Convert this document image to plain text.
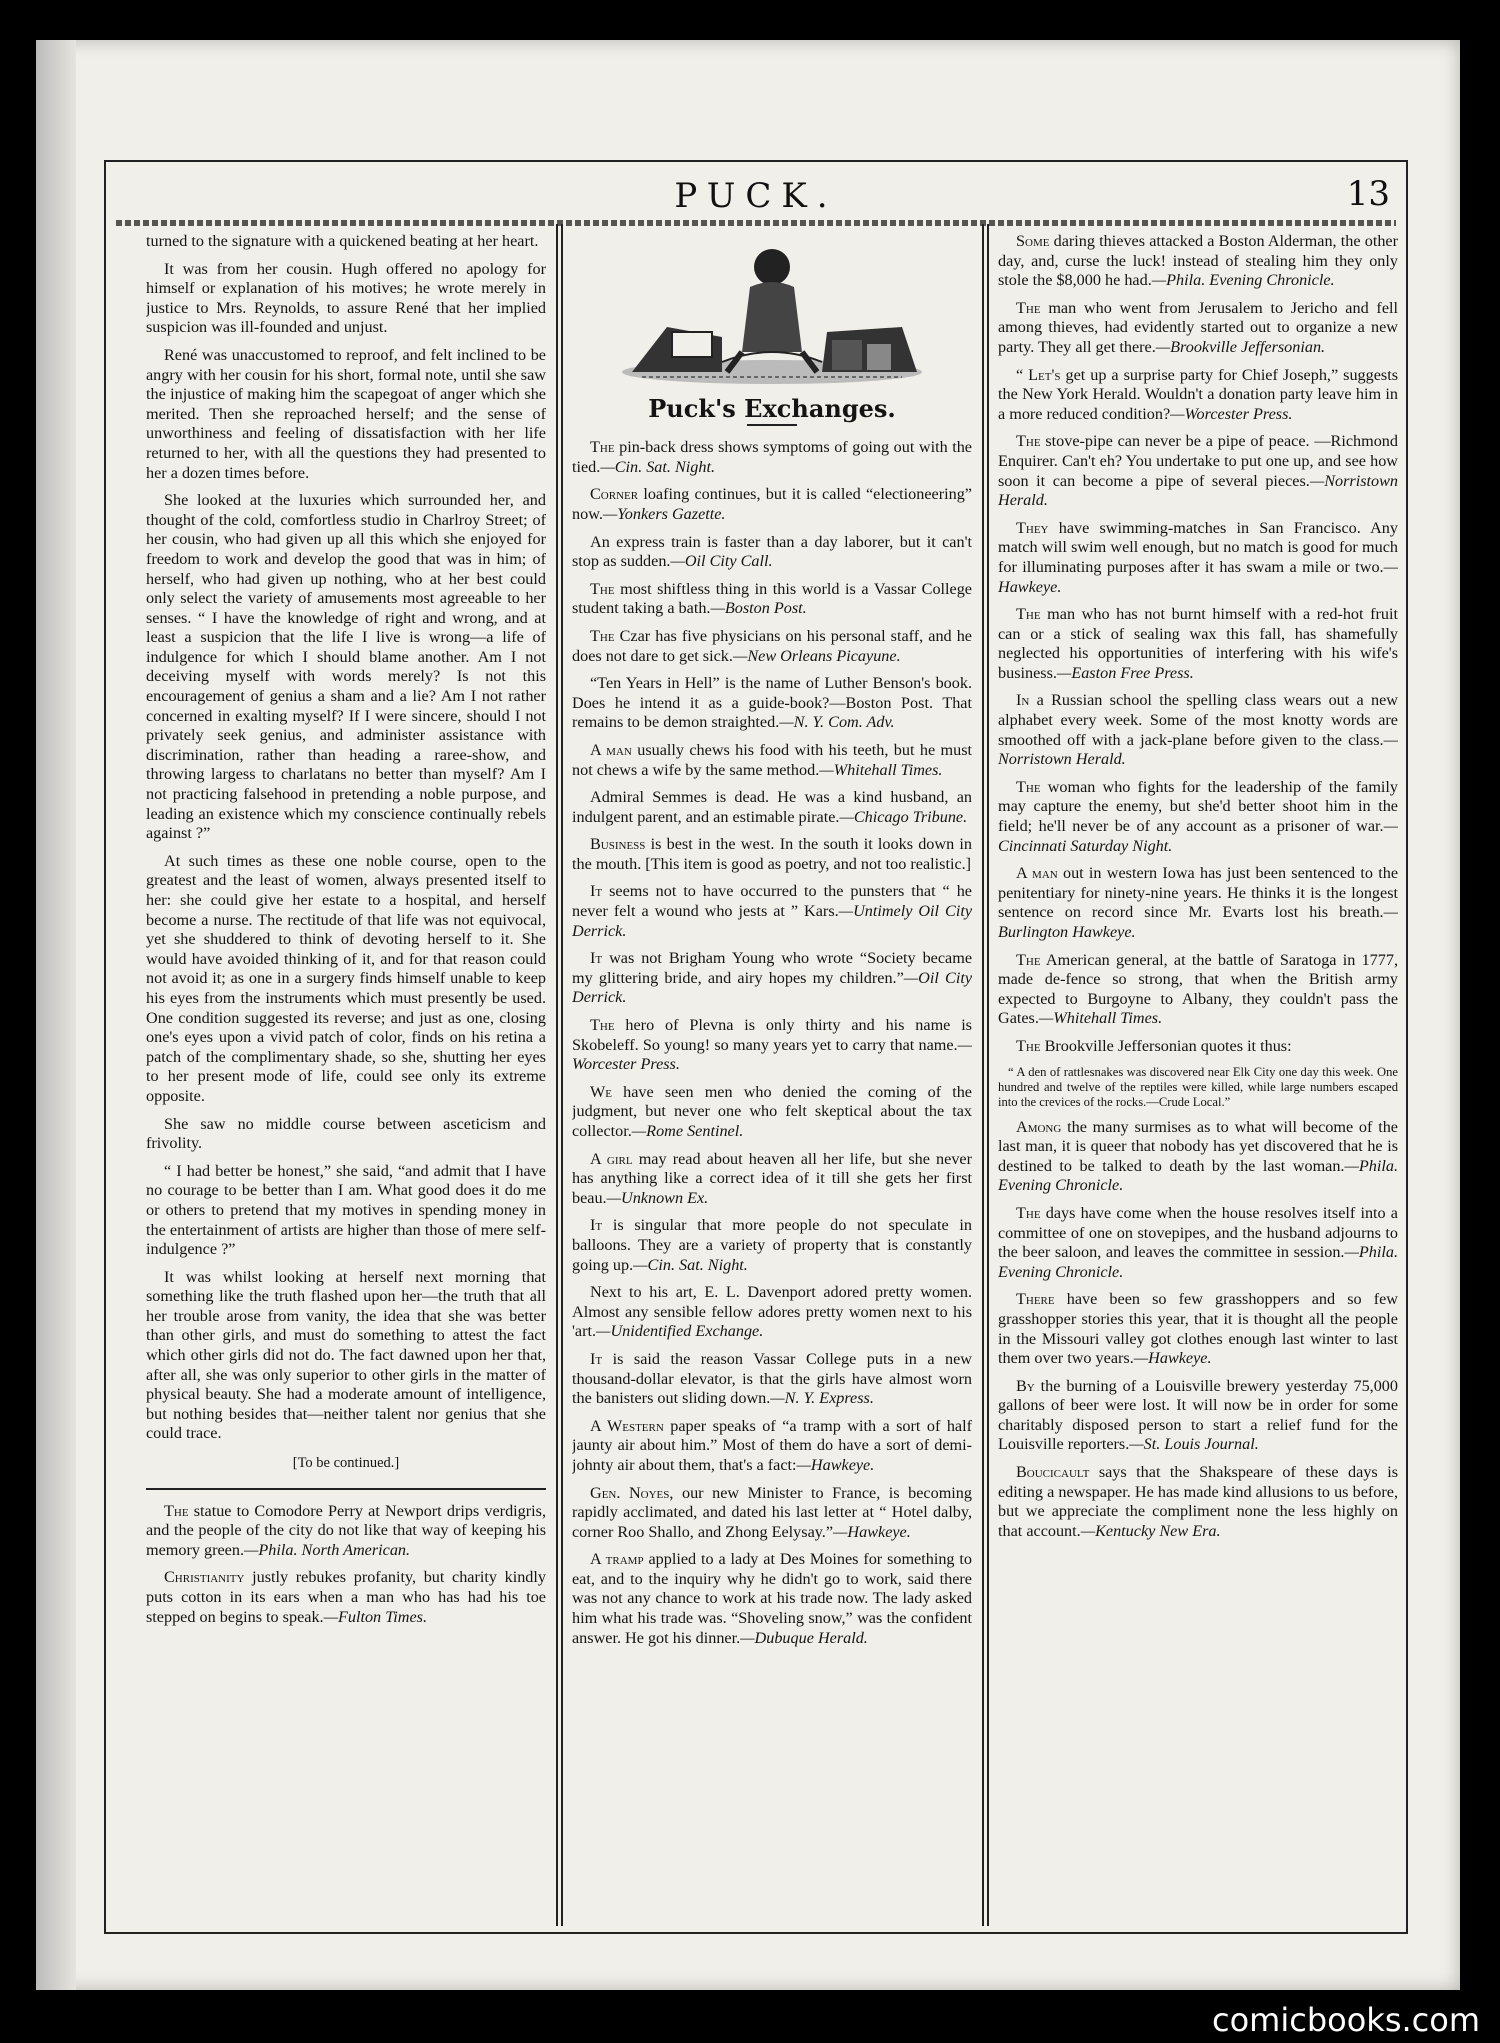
PUCK.	13

turned to the signature with a quickened beating at her heart.

It was from her cousin. Hugh offered no apology for himself or explanation of his motives; he wrote merely in justice to Mrs. Reynolds, to assure René that her implied suspicion was ill-founded and unjust.

René was unaccustomed to reproof, and felt inclined to be angry with her cousin for his short, formal note, until she saw the injustice of making him the scapegoat of anger which she merited. Then she reproached herself; and the sense of unworthiness and feeling of dissatisfaction with her life returned to her, with all the questions they had presented to her a dozen times before.

She looked at the luxuries which surrounded her, and thought of the cold, comfortless studio in Charlroy Street; of her cousin, who had given up all this which she enjoyed for freedom to work and develop the good that was in him; of herself, who had given up nothing, who at her best could only select the variety of amusements most agreeable to her senses. “ I have the knowledge of right and wrong, and at least a suspicion that the life I live is wrong—a life of indulgence for which I should blame another. Am I not deceiving myself with words merely? Is not this encouragement of genius a sham and a lie? Am I not rather concerned in exalting myself? If I were sincere, should I not privately seek genius, and administer assistance with discrimination, rather than heading a raree-show, and throwing largess to charlatans no better than myself? Am I not practicing falsehood in pretending a noble purpose, and leading an existence which my conscience continually rebels against ?”

At such times as these one noble course, open to the greatest and the least of women, always presented itself to her: she could give her estate to a hospital, and herself become a nurse. The rectitude of that life was not equivocal, yet she shuddered to think of devoting herself to it. She would have avoided thinking of it, and for that reason could not avoid it; as one in a surgery finds himself unable to keep his eyes from the instruments which must presently be used. One condition suggested its reverse; and just as one, closing one's eyes upon a vivid patch of color, finds on his retina a patch of the complimentary shade, so she, shutting her eyes to her present mode of life, could see only its extreme opposite.

She saw no middle course between asceticism and frivolity.

“ I had better be honest,” she said, “and admit that I have no courage to be better than I am. What good does it do me or others to pretend that my motives in spending money in the entertainment of artists are higher than those of mere self-indulgence ?”

It was whilst looking at herself next morning that something like the truth flashed upon her—the truth that all her trouble arose from vanity, the idea that she was better than other girls, and must do something to attest the fact which other girls did not do. The fact dawned upon her that, after all, she was only superior to other girls in the matter of physical beauty. She had a moderate amount of intelligence, but nothing besides that—neither talent nor genius that she could trace.

[To be continued.]

The statue to Comodore Perry at Newport drips verdigris, and the people of the city do not like that way of keeping his memory green.—Phila. North American.

Christianity justly rebukes profanity, but charity kindly puts cotton in its ears when a man who has had his toe stepped on begins to speak.—Fulton Times.

Puck's Exchanges.

The pin-back dress shows symptoms of going out with the tied.—Cin. Sat. Night.

Corner loafing continues, but it is called “electioneering” now.—Yonkers Gazette.

An express train is faster than a day laborer, but it can't stop as sudden.—Oil City Call.

The most shiftless thing in this world is a Vassar College student taking a bath.—Boston Post.

The Czar has five physicians on his personal staff, and he does not dare to get sick.—New Orleans Picayune.

“Ten Years in Hell” is the name of Luther Benson's book. Does he intend it as a guide-book?—Boston Post. That remains to be demon straighted.—N. Y. Com. Adv.

A man usually chews his food with his teeth, but he must not chews a wife by the same method.—Whitehall Times.

Admiral Semmes is dead. He was a kind husband, an indulgent parent, and an estimable pirate.—Chicago Tribune.

Business is best in the west. In the south it looks down in the mouth. [This item is good as poetry, and not too realistic.]

It seems not to have occurred to the punsters that “ he never felt a wound who jests at ” Kars.—Untimely Oil City Derrick.

It was not Brigham Young who wrote “Society became my glittering bride, and airy hopes my children.”—Oil City Derrick.

The hero of Plevna is only thirty and his name is Skobeleff. So young! so many years yet to carry that name.—Worcester Press.

We have seen men who denied the coming of the judgment, but never one who felt skeptical about the tax collector.—Rome Sentinel.

A girl may read about heaven all her life, but she never has anything like a correct idea of it till she gets her first beau.—Unknown Ex.

It is singular that more people do not speculate in balloons. They are a variety of property that is constantly going up.—Cin. Sat. Night.

Next to his art, E. L. Davenport adored pretty women. Almost any sensible fellow adores pretty women next to his 'art.—Unidentified Exchange.

It is said the reason Vassar College puts in a new thousand-dollar elevator, is that the girls have almost worn the banisters out sliding down.—N. Y. Express.

A Western paper speaks of “a tramp with a sort of half jaunty air about him.” Most of them do have a sort of demi-johnty air about them, that's a fact:—Hawkeye.

Gen. Noyes, our new Minister to France, is becoming rapidly acclimated, and dated his last letter at “ Hotel dalby, corner Roo Shallo, and Zhong Eelysay.”—Hawkeye.

A tramp applied to a lady at Des Moines for something to eat, and to the inquiry why he didn't go to work, said there was not any chance to work at his trade now. The lady asked him what his trade was. “Shoveling snow,” was the confident answer. He got his dinner.—Dubuque Herald.

Some daring thieves attacked a Boston Alderman, the other day, and, curse the luck! instead of stealing him they only stole the $8,000 he had.—Phila. Evening Chronicle.

The man who went from Jerusalem to Jericho and fell among thieves, had evidently started out to organize a new party. They all get there.—Brookville Jeffersonian.

“ Let's get up a surprise party for Chief Joseph,” suggests the New York Herald. Wouldn't a donation party leave him in a more reduced condition?—Worcester Press.

The stove-pipe can never be a pipe of peace. —Richmond Enquirer. Can't eh? You undertake to put one up, and see how soon it can become a pipe of several pieces.—Norristown Herald.

They have swimming-matches in San Francisco. Any match will swim well enough, but no match is good for much for illuminating purposes after it has swam a mile or two.—Hawkeye.

The man who has not burnt himself with a red-hot fruit can or a stick of sealing wax this fall, has shamefully neglected his opportunities of interfering with his wife's business.—Easton Free Press.

In a Russian school the spelling class wears out a new alphabet every week. Some of the most knotty words are smoothed off with a jack-plane before given to the class.—Norristown Herald.

The woman who fights for the leadership of the family may capture the enemy, but she'd better shoot him in the field; he'll never be of any account as a prisoner of war.—Cincinnati Saturday Night.

A man out in western Iowa has just been sentenced to the penitentiary for ninety-nine years. He thinks it is the longest sentence on record since Mr. Evarts lost his breath.—Burlington Hawkeye.

The American general, at the battle of Saratoga in 1777, made de-fence so strong, that when the British army expected to Burgoyne to Albany, they couldn't pass the Gates.—Whitehall Times.

The Brookville Jeffersonian quotes it thus:

“ A den of rattlesnakes was discovered near Elk City one day this week. One hundred and twelve of the reptiles were killed, while large numbers escaped into the crevices of the rocks.—Crude Local.”

Among the many surmises as to what will become of the last man, it is queer that nobody has yet discovered that he is destined to be talked to death by the last woman.—Phila. Evening Chronicle.

The days have come when the house resolves itself into a committee of one on stovepipes, and the husband adjourns to the beer saloon, and leaves the committee in session.—Phila. Evening Chronicle.

There have been so few grasshoppers and so few grasshopper stories this year, that it is thought all the people in the Missouri valley got clothes enough last winter to last them over two years.—Hawkeye.

By the burning of a Louisville brewery yesterday 75,000 gallons of beer were lost. It will now be in order for some charitably disposed person to start a relief fund for the Louisville reporters.—St. Louis Journal.

Boucicault says that the Shakspeare of these days is editing a newspaper. He has made kind allusions to us before, but we appreciate the compliment none the less highly on that account.—Kentucky New Era.

comicbooks.com
